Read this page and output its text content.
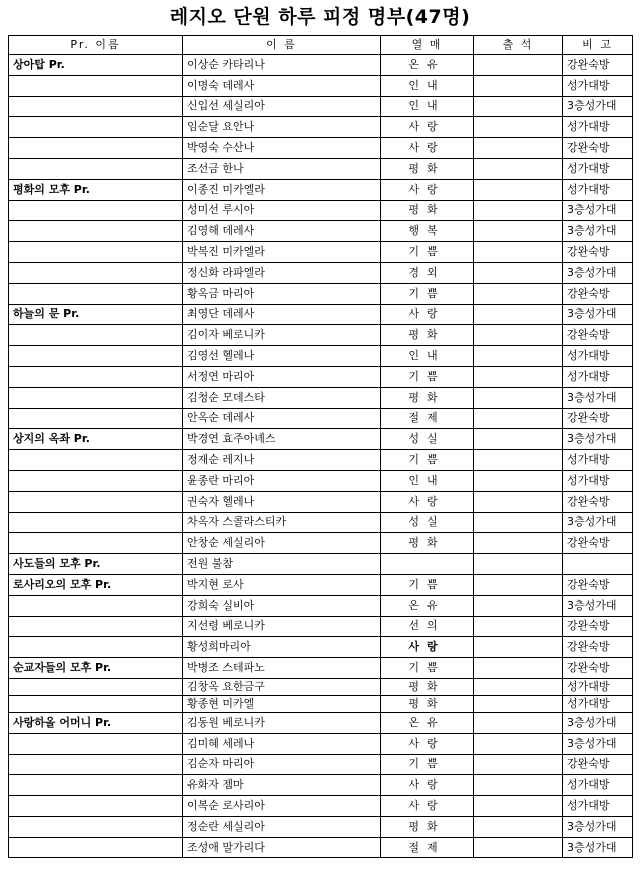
레지오 단원 하루 피정 명부(47명)
Pr. 이름	이 름	열 매	출 석	비 고
상아탑 Pr.	이상순 카타리나	온유		강완숙방
	이명숙 데레사	인내		성가대방
	신입선 세실리아	인내		3층성가대
	임순달 요안나	사랑		성가대방
	박영숙 수산나	사랑		강완숙방
	조선금 한나	평화		성가대방
평화의 모후 Pr.	이종진 미카엘라	사랑		성가대방
	성미선 루시아	평화		3층성가대
	김영해 데레사	행복		3층성가대
	박복진 미카엘라	기쁨		강완숙방
	정신화 라파엘라	경외		3층성가대
	황옥금 마리아	기쁨		강완숙방
하늘의 문 Pr.	최영단 데레사	사랑		3층성가대
	김이자 베로니카	평화		강완숙방
	김영선 헬레나	인내		성가대방
	서정연 마리아	기쁨		성가대방
	김청순 모데스타	평화		3층성가대
	안옥순 데레사	절제		강완숙방
상지의 옥좌 Pr.	박경연 효주아녜스	성실		3층성가대
	정재순 레지나	기쁨		성가대방
	윤종란 마리아	인내		성가대방
	권숙자 헬레나	사랑		강완숙방
	차옥자 스콜라스티카	성실		3층성가대
	안창순 세실리아	평화		강완숙방
사도들의 모후 Pr.	전원 불참			
로사리오의 모후 Pr.	박지현 로사	기쁨		강완숙방
	강희숙 실비아	온유		3층성가대
	지선령 베로니카	선의		강완숙방
	황성희마리아	사랑		강완숙방
순교자들의 모후 Pr.	박병조 스테파노	기쁨		강완숙방
	김창옥 요한금구	평화		성가대방
	황종현 미카엘	평화		성가대방
사랑하올 어머니 Pr.	김동원 베로니카	온유		3층성가대
	김미혜 세레나	사랑		3층성가대
	김순자 마리아	기쁨		강완숙방
	유화자 젬마	사랑		성가대방
	이복순 로사리아	사랑		성가대방
	정순란 세실리아	평화		3층성가대
	조성애 말가리다	절제		3층성가대
